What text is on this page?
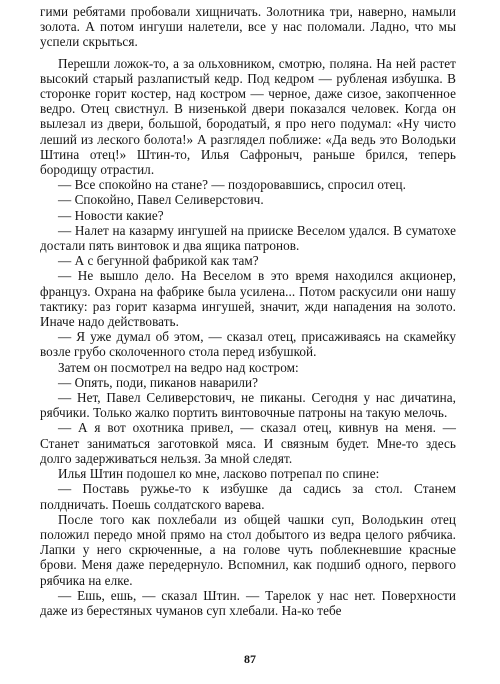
гими ребятами пробовали хищничать. Золотника три, наверно, намыли золота. А потом ингуши налетели, все у нас поломали. Ладно, что мы успели скрыться.

Перешли ложок-то, а за ольховником, смотрю, поляна. На ней растет высокий старый разлапистый кедр. Под кедром — рубленая избушка. В сторонке горит костер, над костром — черное, даже сизое, закопченное ведро. Отец свистнул. В низенькой двери показался человек. Когда он вылезал из двери, большой, бородатый, я про него подумал: «Ну чисто леший из леского болота!» А разглядел поближе: «Да ведь это Володьки Штина отец!» Штин-то, Илья Сафроныч, раньше брился, теперь бородищу отрастил.

— Все спокойно на стане? — поздоровавшись, спросил отец.

— Спокойно, Павел Селиверстович.

— Новости какие?

— Налет на казарму ингушей на прииске Веселом удался. В суматохе достали пять винтовок и два ящика патронов.

— А с бегунной фабрикой как там?

— Не вышло дело. На Веселом в это время находился акционер, француз. Охрана на фабрике была усилена... Потом раскусили они нашу тактику: раз горит казарма ингушей, значит, жди нападения на золото. Иначе надо действовать.

— Я уже думал об этом, — сказал отец, присаживаясь на скамейку возле грубо сколоченного стола перед избушкой.

Затем он посмотрел на ведро над костром:

— Опять, поди, пиканов наварили?

— Нет, Павел Селиверстович, не пиканы. Сегодня у нас дичатина, рябчики. Только жалко портить винтовочные патроны на такую мелочь.

— А я вот охотника привел, — сказал отец, кивнув на меня. — Станет заниматься заготовкой мяса. И связным будет. Мне-то здесь долго задерживаться нельзя. За мной следят.

Илья Штин подошел ко мне, ласково потрепал по спине:

— Поставь ружье-то к избушке да садись за стол. Станем полдничать. Поешь солдатского варева.

После того как похлебали из общей чашки суп, Володькин отец положил передо мной прямо на стол добытого из ведра целого рябчика. Лапки у него скрюченные, а на голове чуть поблекневшие красные брови. Меня даже передернуло. Вспомнил, как подшиб одного, первого рябчика на елке.

— Ешь, ешь, — сказал Штин. — Тарелок у нас нет. Поверхности даже из берестяных чуманов суп хлебали. На-ко тебе

87
